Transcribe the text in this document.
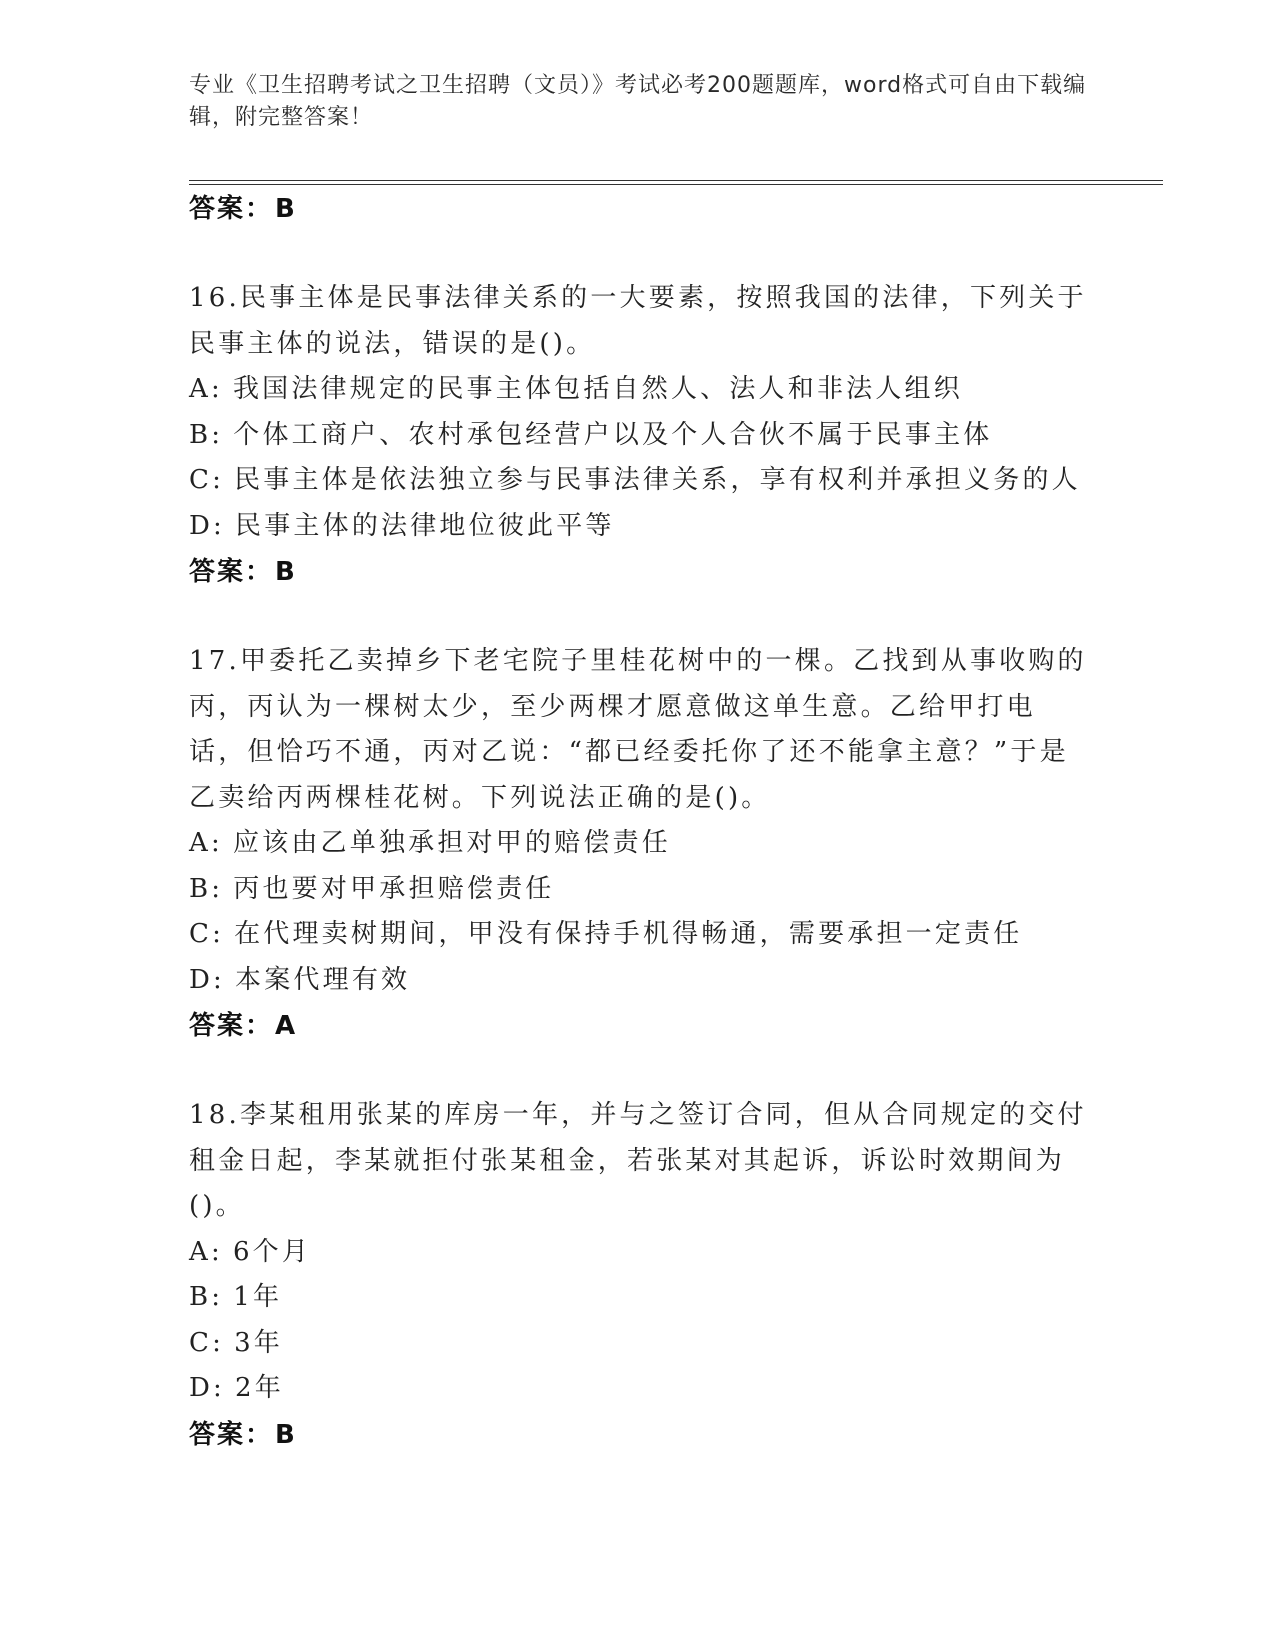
专业《卫生招聘考试之卫生招聘（文员）》考试必考200题题库，word格式可自由下载编辑，附完整答案！
答案：B

16.民事主体是民事法律关系的一大要素，按照我国的法律，下列关于民事主体的说法，错误的是()。

A: 我国法律规定的民事主体包括自然人、法人和非法人组织
B: 个体工商户、农村承包经营户以及个人合伙不属于民事主体
C: 民事主体是依法独立参与民事法律关系，享有权利并承担义务的人
D: 民事主体的法律地位彼此平等
答案：B

17.甲委托乙卖掉乡下老宅院子里桂花树中的一棵。乙找到从事收购的丙，丙认为一棵树太少，至少两棵才愿意做这单生意。乙给甲打电话，但恰巧不通，丙对乙说：“都已经委托你了还不能拿主意？”于是乙卖给丙两棵桂花树。下列说法正确的是()。

A: 应该由乙单独承担对甲的赔偿责任
B: 丙也要对甲承担赔偿责任
C: 在代理卖树期间，甲没有保持手机得畅通，需要承担一定责任
D: 本案代理有效
答案：A

18.李某租用张某的库房一年，并与之签订合同，但从合同规定的交付租金日起，李某就拒付张某租金，若张某对其起诉，诉讼时效期间为()。

A: 6个月
B: 1年
C: 3年
D: 2年
答案：B
